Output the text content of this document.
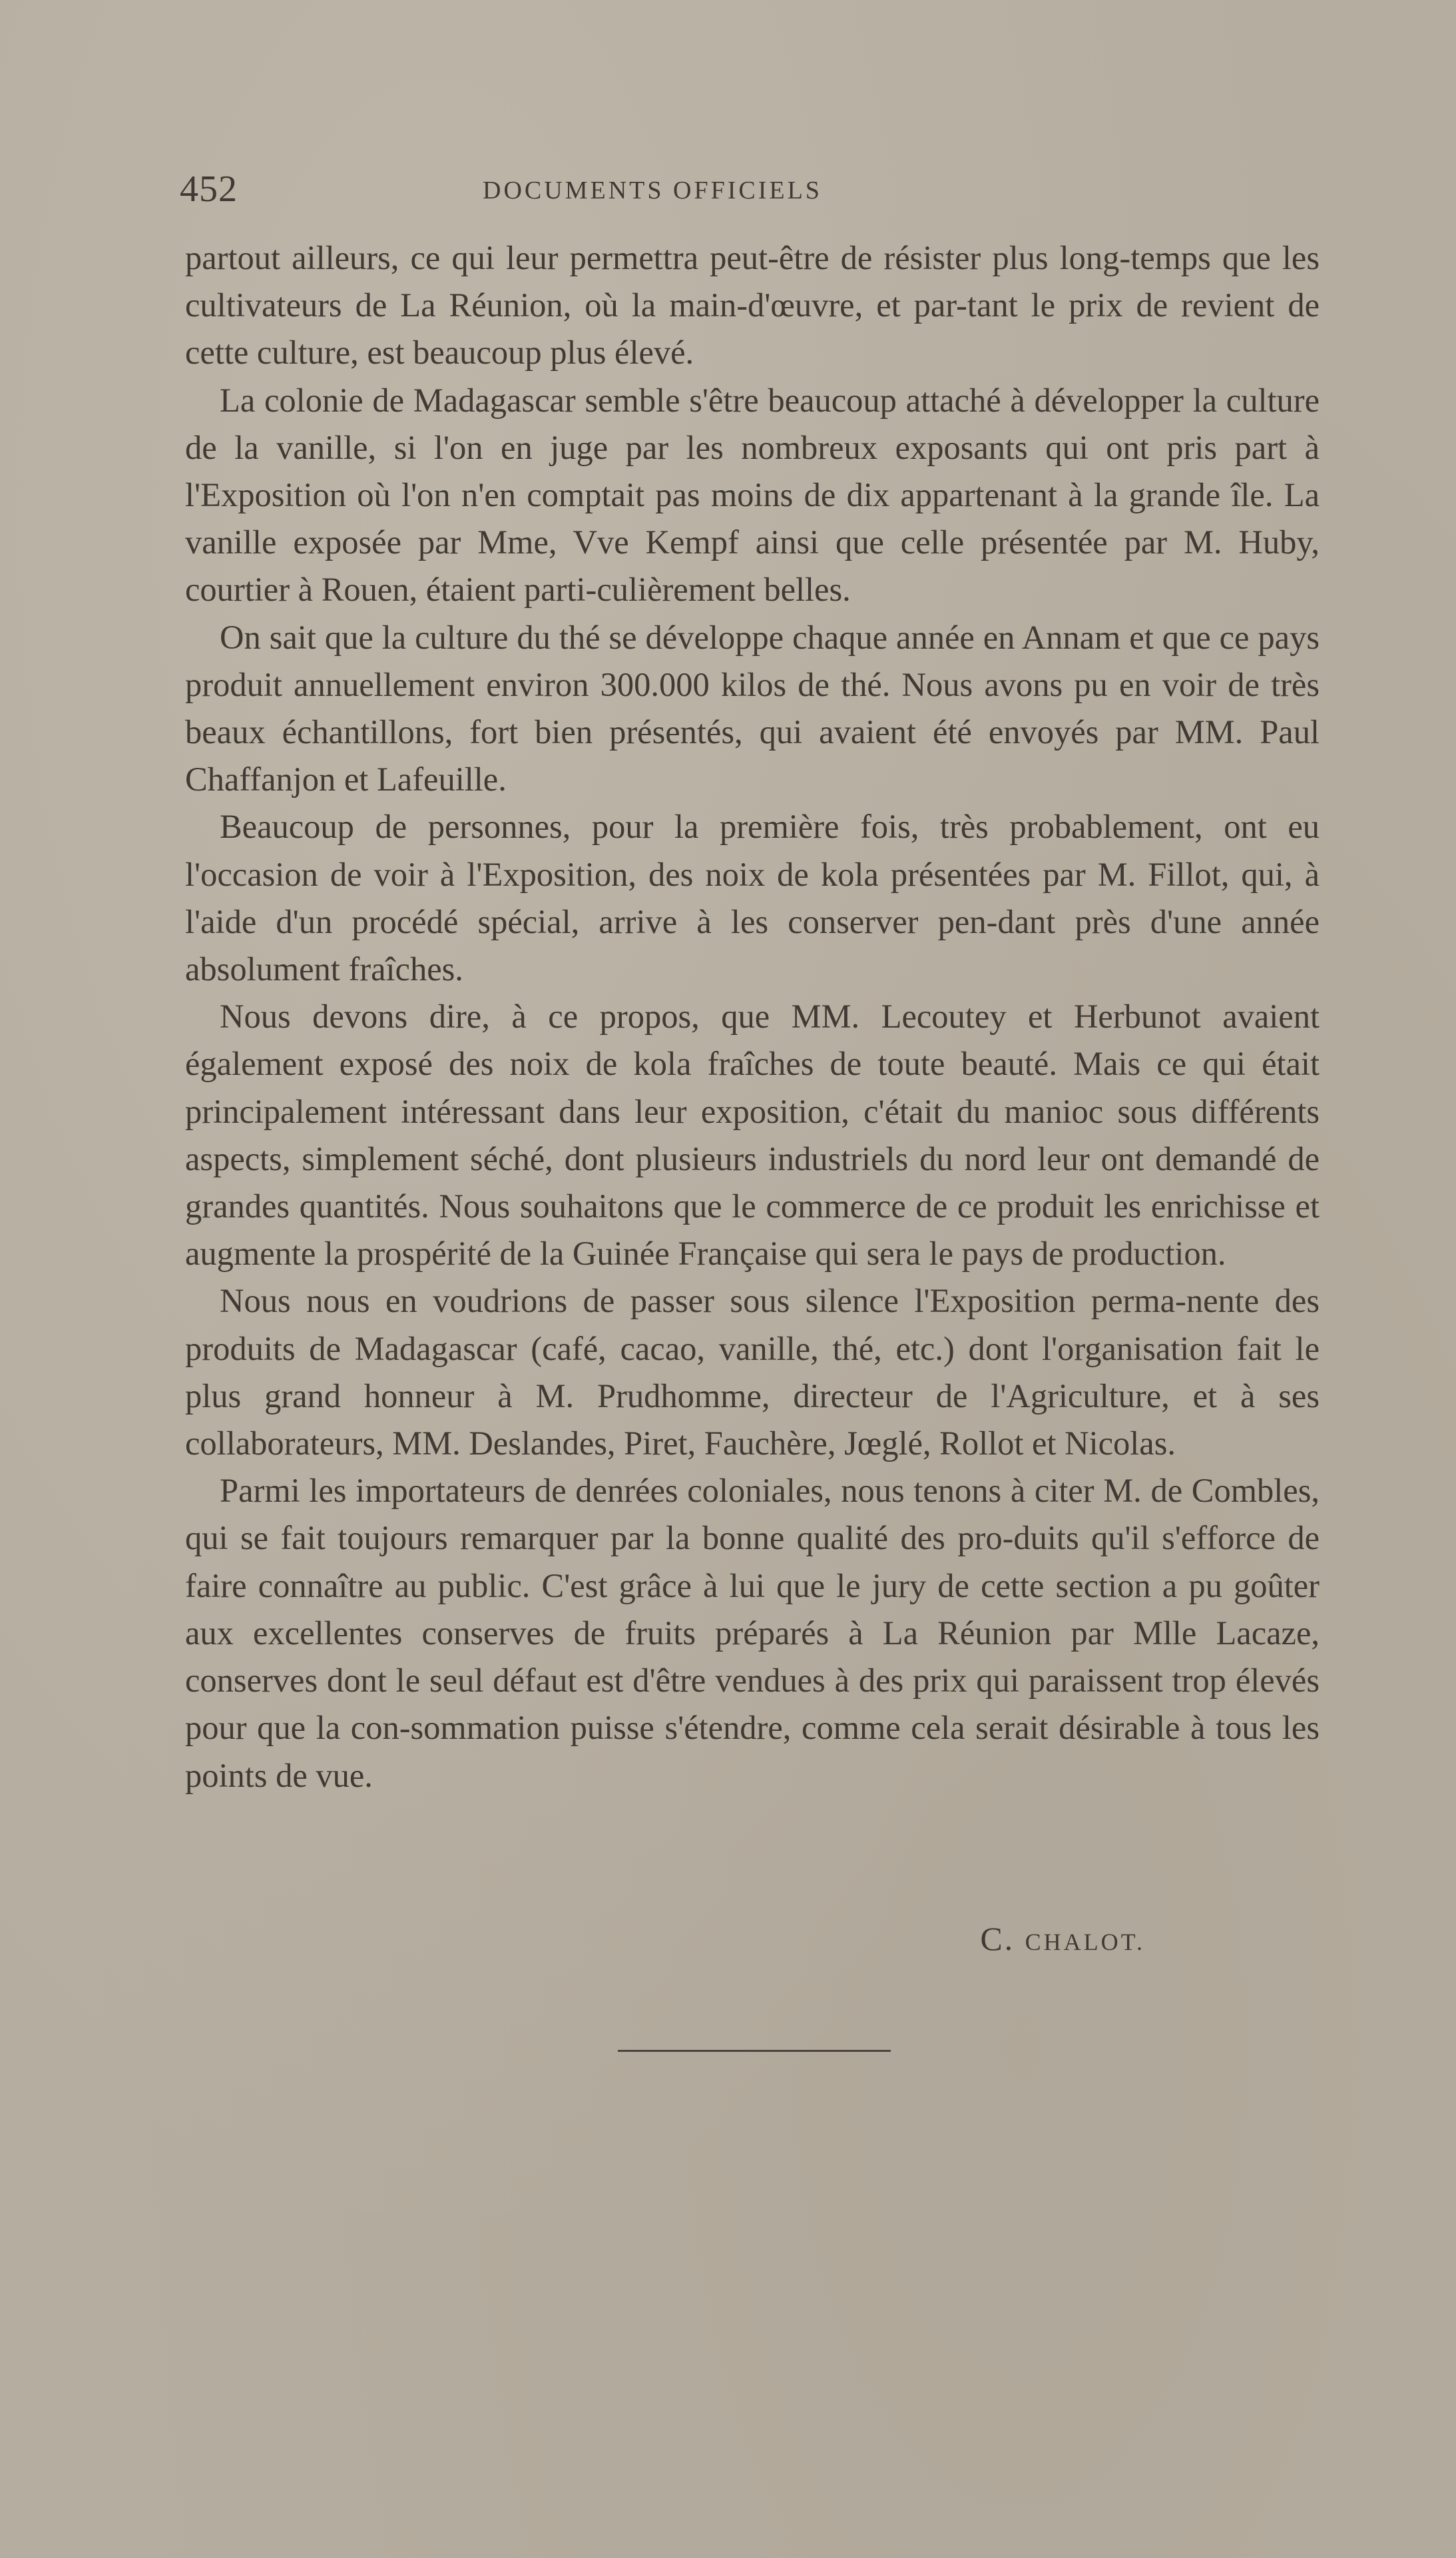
452	DOCUMENTS OFFICIELS

partout ailleurs, ce qui leur permettra peut-être de résister plus long-temps que les cultivateurs de La Réunion, où la main-d'œuvre, et par-tant le prix de revient de cette culture, est beaucoup plus élevé.

La colonie de Madagascar semble s'être beaucoup attaché à développer la culture de la vanille, si l'on en juge par les nombreux exposants qui ont pris part à l'Exposition où l'on n'en comptait pas moins de dix appartenant à la grande île. La vanille exposée par Mme, Vve Kempf ainsi que celle présentée par M. Huby, courtier à Rouen, étaient parti-culièrement belles.

On sait que la culture du thé se développe chaque année en Annam et que ce pays produit annuellement environ 300.000 kilos de thé. Nous avons pu en voir de très beaux échantillons, fort bien présentés, qui avaient été envoyés par MM. Paul Chaffanjon et Lafeuille.

Beaucoup de personnes, pour la première fois, très probablement, ont eu l'occasion de voir à l'Exposition, des noix de kola présentées par M. Fillot, qui, à l'aide d'un procédé spécial, arrive à les conserver pen-dant près d'une année absolument fraîches.

Nous devons dire, à ce propos, que MM. Lecoutey et Herbunot avaient également exposé des noix de kola fraîches de toute beauté. Mais ce qui était principalement intéressant dans leur exposition, c'était du manioc sous différents aspects, simplement séché, dont plusieurs industriels du nord leur ont demandé de grandes quantités. Nous souhaitons que le commerce de ce produit les enrichisse et augmente la prospérité de la Guinée Française qui sera le pays de production.

Nous nous en voudrions de passer sous silence l'Exposition perma-nente des produits de Madagascar (café, cacao, vanille, thé, etc.) dont l'organisation fait le plus grand honneur à M. Prudhomme, directeur de l'Agriculture, et à ses collaborateurs, MM. Deslandes, Piret, Fauchère, Jœglé, Rollot et Nicolas.

Parmi les importateurs de denrées coloniales, nous tenons à citer M. de Combles, qui se fait toujours remarquer par la bonne qualité des pro-duits qu'il s'efforce de faire connaître au public. C'est grâce à lui que le jury de cette section a pu goûter aux excellentes conserves de fruits préparés à La Réunion par Mlle Lacaze, conserves dont le seul défaut est d'être vendues à des prix qui paraissent trop élevés pour que la con-sommation puisse s'étendre, comme cela serait désirable à tous les points de vue.

C. CHALOT.
